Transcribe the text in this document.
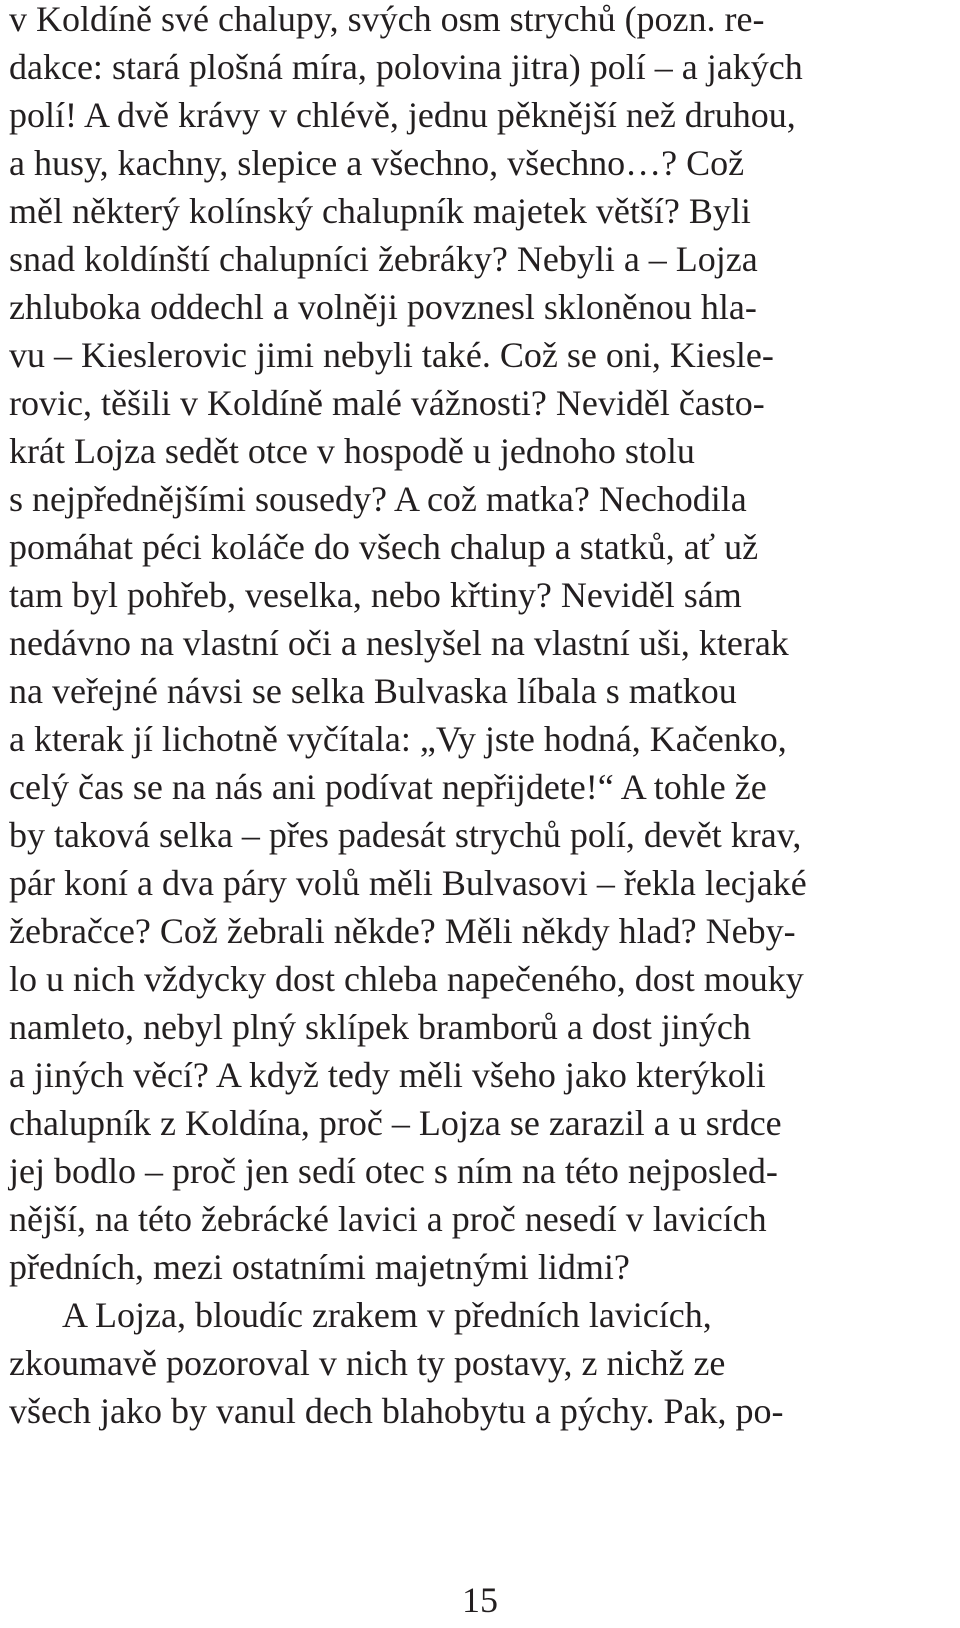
v Koldíně své chalupy, svých osm strychů (pozn. re-
dakce: stará plošná míra, polovina jitra) polí – a jakých
polí! A dvě krávy v chlévě, jednu pěknější než druhou,
a husy, kachny, slepice a všechno, všechno…? Což
měl některý kolínský chalupník majetek větší? Byli
snad koldínští chalupníci žebráky? Nebyli a – Lojza
zhluboka oddechl a volněji povznesl skloněnou hla-
vu – Kieslerovic jimi nebyli také. Což se oni, Kiesle-
rovic, těšili v Koldíně malé vážnosti? Neviděl často-
krát Lojza sedět otce v hospodě u jednoho stolu
s nejpřednějšími sousedy? A což matka? Nechodila
pomáhat péci koláče do všech chalup a statků, ať už
tam byl pohřeb, veselka, nebo křtiny? Neviděl sám
nedávno na vlastní oči a neslyšel na vlastní uši, kterak
na veřejné návsi se selka Bulvaska líbala s matkou
a kterak jí lichotně vyčítala: „Vy jste hodná, Kačenko,
celý čas se na nás ani podívat nepřijdete!“ A tohle že
by taková selka – přes padesát strychů polí, devět krav,
pár koní a dva páry volů měli Bulvasovi – řekla lecjaké
žebračce? Což žebrali někde? Měli někdy hlad? Neby-
lo u nich vždycky dost chleba napečeného, dost mouky
namleto, nebyl plný sklípek bramborů a dost jiných
a jiných věcí? A když tedy měli všeho jako kterýkoli
chalupník z Koldína, proč – Lojza se zarazil a u srdce
jej bodlo – proč jen sedí otec s ním na této nejposled-
nější, na této žebrácké lavici a proč nesedí v lavicích
předních, mezi ostatními majetnými lidmi?
A Lojza, bloudíc zrakem v předních lavicích,
zkoumavě pozoroval v nich ty postavy, z nichž ze
všech jako by vanul dech blahobytu a pýchy. Pak, po-
15
